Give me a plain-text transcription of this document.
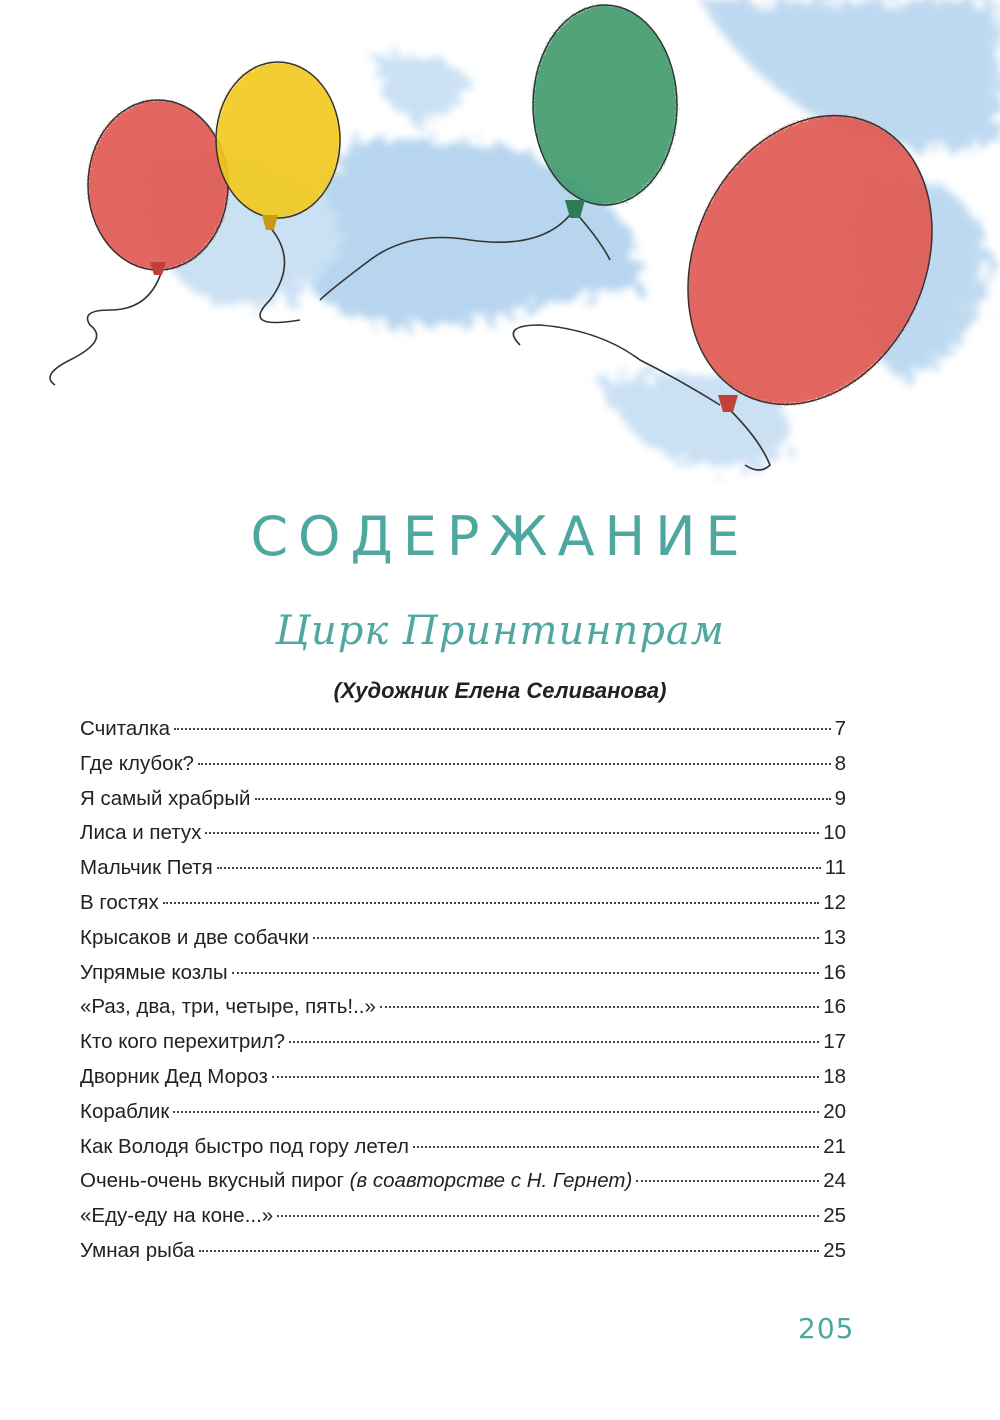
СОДЕРЖАНИЕ
Цирк Принтинпрам
(Художник Елена Селиванова)
Считалка	7
Где клубок?	8
Я самый храбрый	9
Лиса и петух	10
Мальчик Петя	11
В гостях	12
Крысаков и две собачки	13
Упрямые козлы	16
«Раз, два, три, четыре, пять!..»	16
Кто кого перехитрил?	17
Дворник Дед Мороз	18
Кораблик	20
Как Володя быстро под гору летел	21
Очень-очень вкусный пирог (в соавторстве с Н. Гернет)	24
«Еду-еду на коне...»	25
Умная рыба	25
205
